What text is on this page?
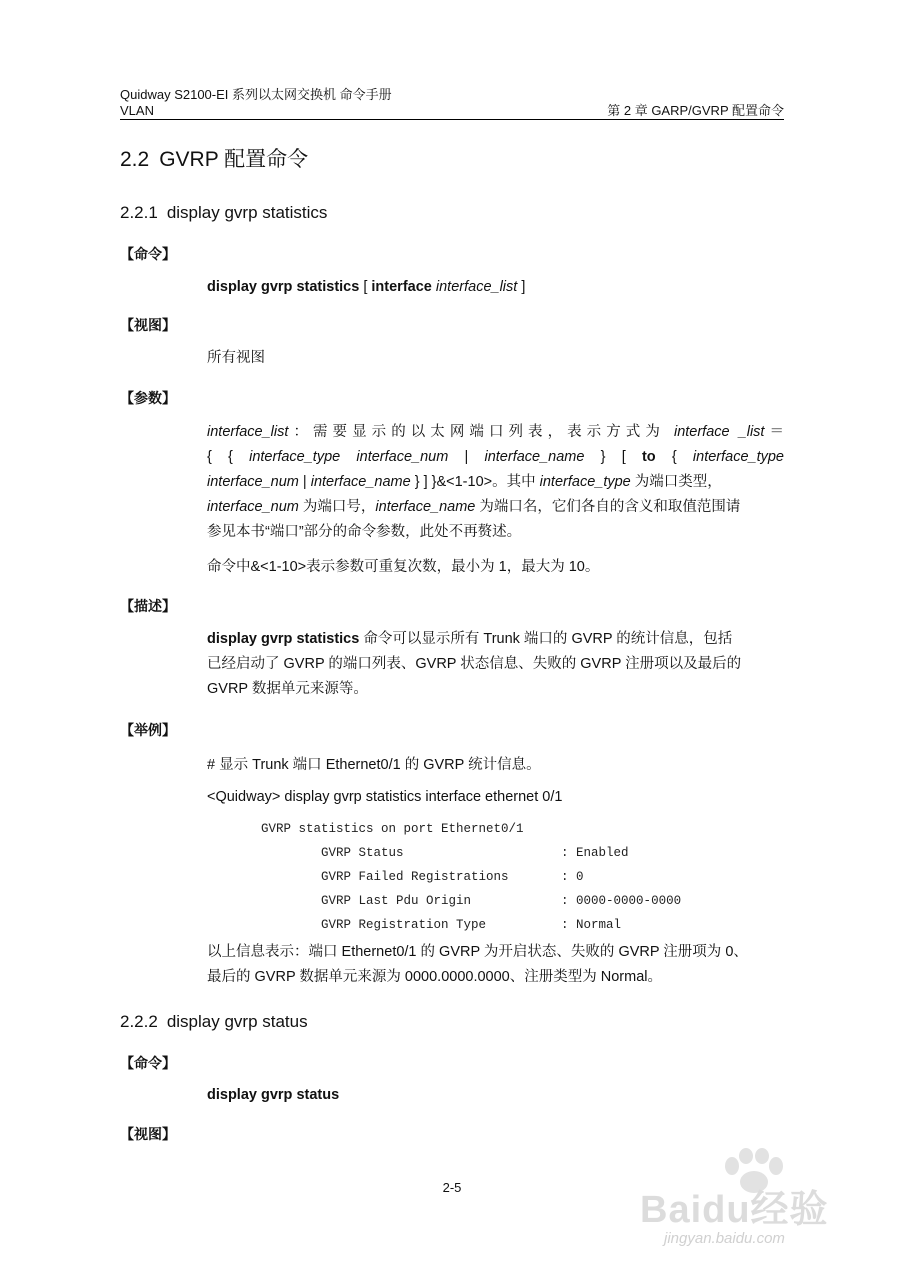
Quidway S2100-EI 系列以太网交换机 命令手册
VLAN	第 2 章 GARP/GVRP 配置命令
2.2 GVRP 配置命令
2.2.1 display gvrp statistics
【命令】
display gvrp statistics [ interface interface_list ]
【视图】
所有视图
【参数】
interface_list：需要显示的以太网端口列表，表示方式为 interface _list＝
{ { interface_type interface_num | interface_name } [ to { interface_type
interface_num | interface_name } ] }&<1-10>。其中 interface_type 为端口类型，
interface_num 为端口号，interface_name 为端口名，它们各自的含义和取值范围请
参见本书“端口”部分的命令参数，此处不再赘述。
命令中&<1-10>表示参数可重复次数，最小为 1，最大为 10。
【描述】
display gvrp statistics 命令可以显示所有 Trunk 端口的 GVRP 的统计信息，包括
已经启动了 GVRP 的端口列表、GVRP 状态信息、失败的 GVRP 注册项以及最后的
GVRP 数据单元来源等。
【举例】
# 显示 Trunk 端口 Ethernet0/1 的 GVRP 统计信息。
<Quidway> display gvrp statistics interface ethernet 0/1
GVRP statistics on port Ethernet0/1
GVRP Status                     : Enabled
GVRP Failed Registrations       : 0
GVRP Last Pdu Origin            : 0000-0000-0000
GVRP Registration Type          : Normal
以上信息表示：端口 Ethernet0/1 的 GVRP 为开启状态、失败的 GVRP 注册项为 0、
最后的 GVRP 数据单元来源为 0000.0000.0000、注册类型为 Normal。
2.2.2 display gvrp status
【命令】
display gvrp status
【视图】
2-5
Baidu经验
jingyan.baidu.com
